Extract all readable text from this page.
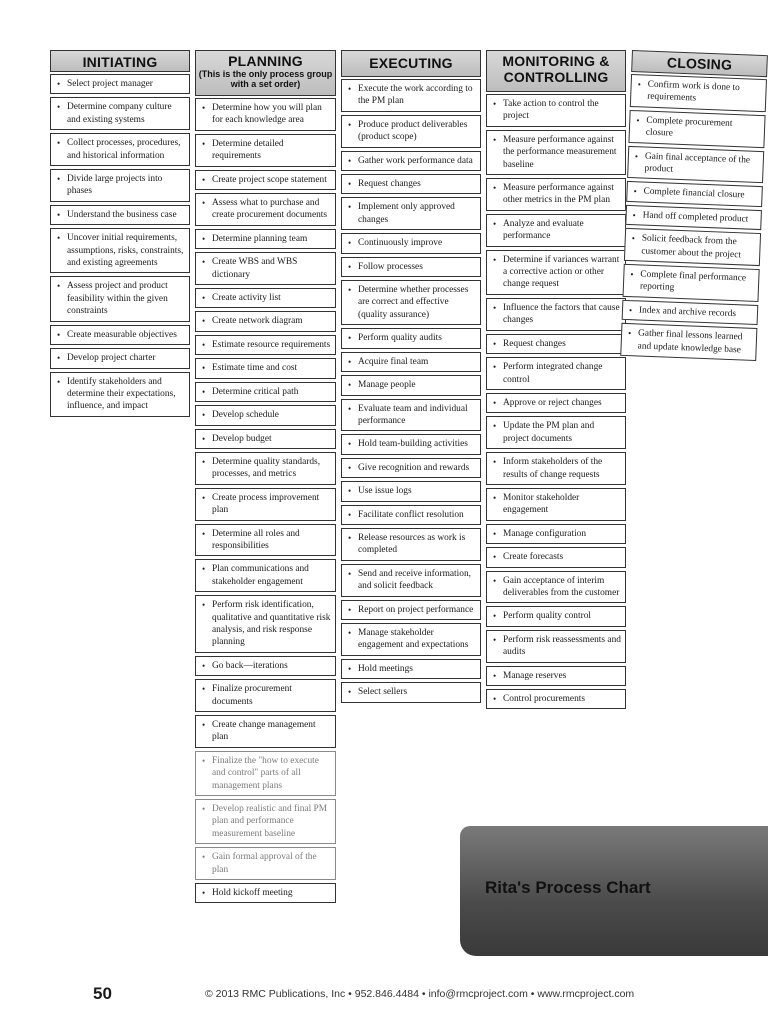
INITIATING
• Select project manager
• Determine company culture and existing systems
• Collect processes, procedures, and historical information
• Divide large projects into phases
• Understand the business case
• Uncover initial requirements, assumptions, risks, constraints, and existing agreements
• Assess project and product feasibility within the given constraints
• Create measurable objectives
• Develop project charter
• Identify stakeholders and determine their expectations, influence, and impact
PLANNING
(This is the only process group with a set order)
• Determine how you will plan for each knowledge area
• Determine detailed requirements
• Create project scope statement
• Assess what to purchase and create procurement documents
• Determine planning team
• Create WBS and WBS dictionary
• Create activity list
• Create network diagram
• Estimate resource requirements
• Estimate time and cost
• Determine critical path
• Develop schedule
• Develop budget
• Determine quality standards, processes, and metrics
• Create process improvement plan
• Determine all roles and responsibilities
• Plan communications and stakeholder engagement
• Perform risk identification, qualitative and quantitative risk analysis, and risk response planning
• Go back—iterations
• Finalize procurement documents
• Create change management plan
• Finalize the "how to execute and control" parts of all management plans
• Develop realistic and final PM plan and performance measurement baseline
• Gain formal approval of the plan
• Hold kickoff meeting
EXECUTING
• Execute the work according to the PM plan
• Produce product deliverables (product scope)
• Gather work performance data
• Request changes
• Implement only approved changes
• Continuously improve
• Follow processes
• Determine whether processes are correct and effective (quality assurance)
• Perform quality audits
• Acquire final team
• Manage people
• Evaluate team and individual performance
• Hold team-building activities
• Give recognition and rewards
• Use issue logs
• Facilitate conflict resolution
• Release resources as work is completed
• Send and receive information, and solicit feedback
• Report on project performance
• Manage stakeholder engagement and expectations
• Hold meetings
• Select sellers
MONITORING & CONTROLLING
• Take action to control the project
• Measure performance against the performance measurement baseline
• Measure performance against other metrics in the PM plan
• Analyze and evaluate performance
• Determine if variances warrant a corrective action or other change request
• Influence the factors that cause changes
• Request changes
• Perform integrated change control
• Approve or reject changes
• Update the PM plan and project documents
• Inform stakeholders of the results of change requests
• Monitor stakeholder engagement
• Manage configuration
• Create forecasts
• Gain acceptance of interim deliverables from the customer
• Perform quality control
• Perform risk reassessments and audits
• Manage reserves
• Control procurements
CLOSING
• Confirm work is done to requirements
• Complete procurement closure
• Gain final acceptance of the product
• Complete financial closure
• Hand off completed product
• Solicit feedback from the customer about the project
• Complete final performance reporting
• Index and archive records
• Gather final lessons learned and update knowledge base
Rita's Process Chart
50	© 2013 RMC Publications, Inc • 952.846.4484 • info@rmcproject.com • www.rmcproject.com
